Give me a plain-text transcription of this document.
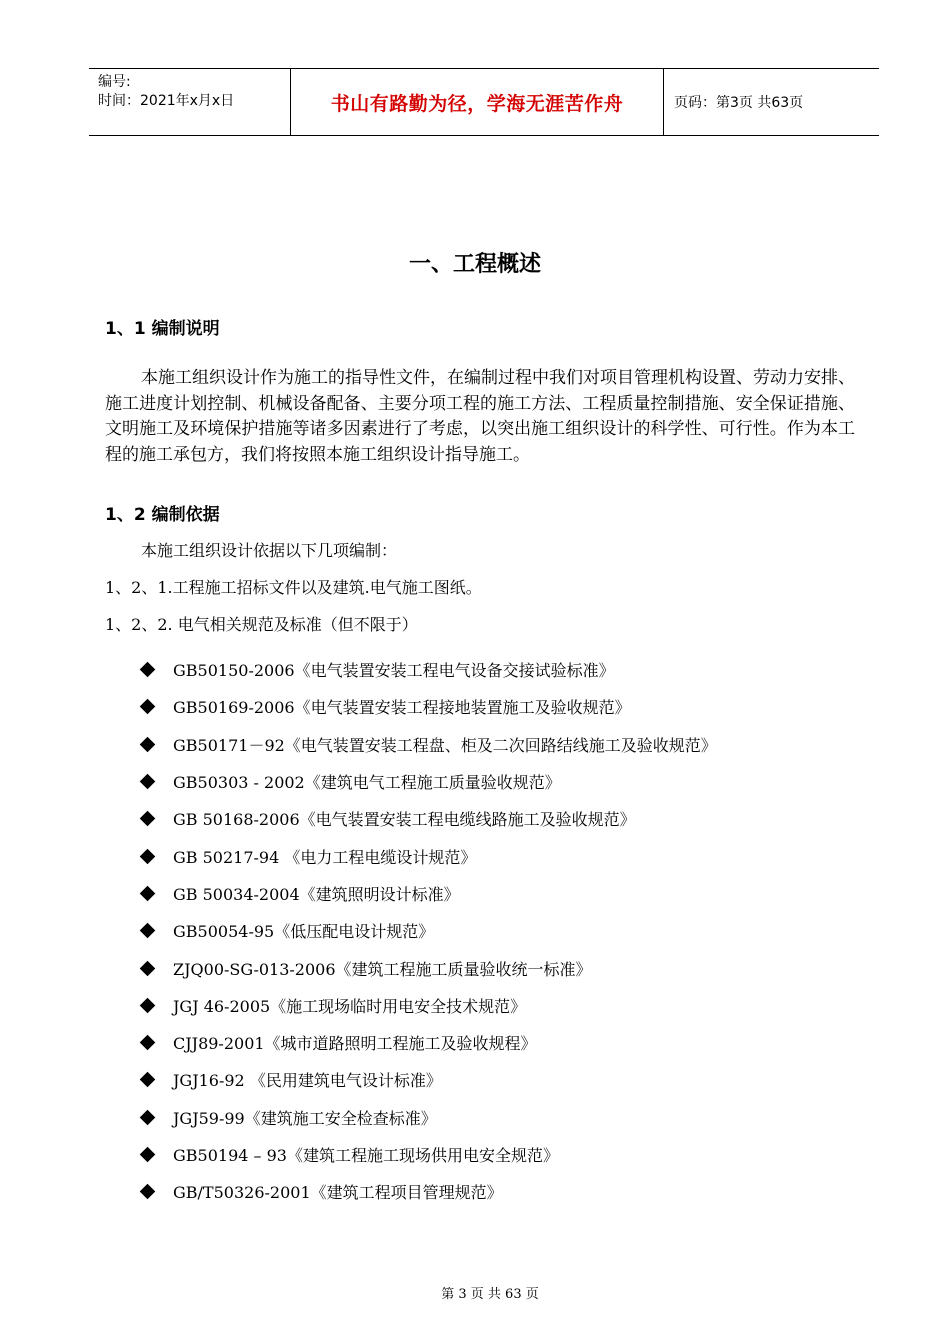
编号:
时间：2021年x月x日	书山有路勤为径，学海无涯苦作舟	页码：第3页 共63页
一、工程概述
1、1 编制说明

本施工组织设计作为施工的指导性文件，在编制过程中我们对项目管理机构设置、劳动力安排、施工进度计划控制、机械设备配备、主要分项工程的施工方法、工程质量控制措施、安全保证措施、文明施工及环境保护措施等诸多因素进行了考虑，以突出施工组织设计的科学性、可行性。作为本工程的施工承包方，我们将按照本施工组织设计指导施工。

1、2 编制依据
本施工组织设计依据以下几项编制：
1、2、1.工程施工招标文件以及建筑.电气施工图纸。
1、2、2. 电气相关规范及标准（但不限于）
GB50150-2006《电气装置安装工程电气设备交接试验标准》
GB50169-2006《电气装置安装工程接地装置施工及验收规范》
GB50171－92《电气装置安装工程盘、柜及二次回路结线施工及验收规范》
GB50303 - 2002《建筑电气工程施工质量验收规范》
GB 50168-2006《电气装置安装工程电缆线路施工及验收规范》
GB 50217-94 《电力工程电缆设计规范》
GB 50034-2004《建筑照明设计标准》
GB50054-95《低压配电设计规范》
ZJQ00-SG-013-2006《建筑工程施工质量验收统一标准》
JGJ 46-2005《施工现场临时用电安全技术规范》
CJJ89-2001《城市道路照明工程施工及验收规程》
JGJ16-92 《民用建筑电气设计标准》
JGJ59-99《建筑施工安全检查标准》
GB50194 – 93《建筑工程施工现场供用电安全规范》
GB/T50326-2001《建筑工程项目管理规范》
第 3 页 共 63 页
